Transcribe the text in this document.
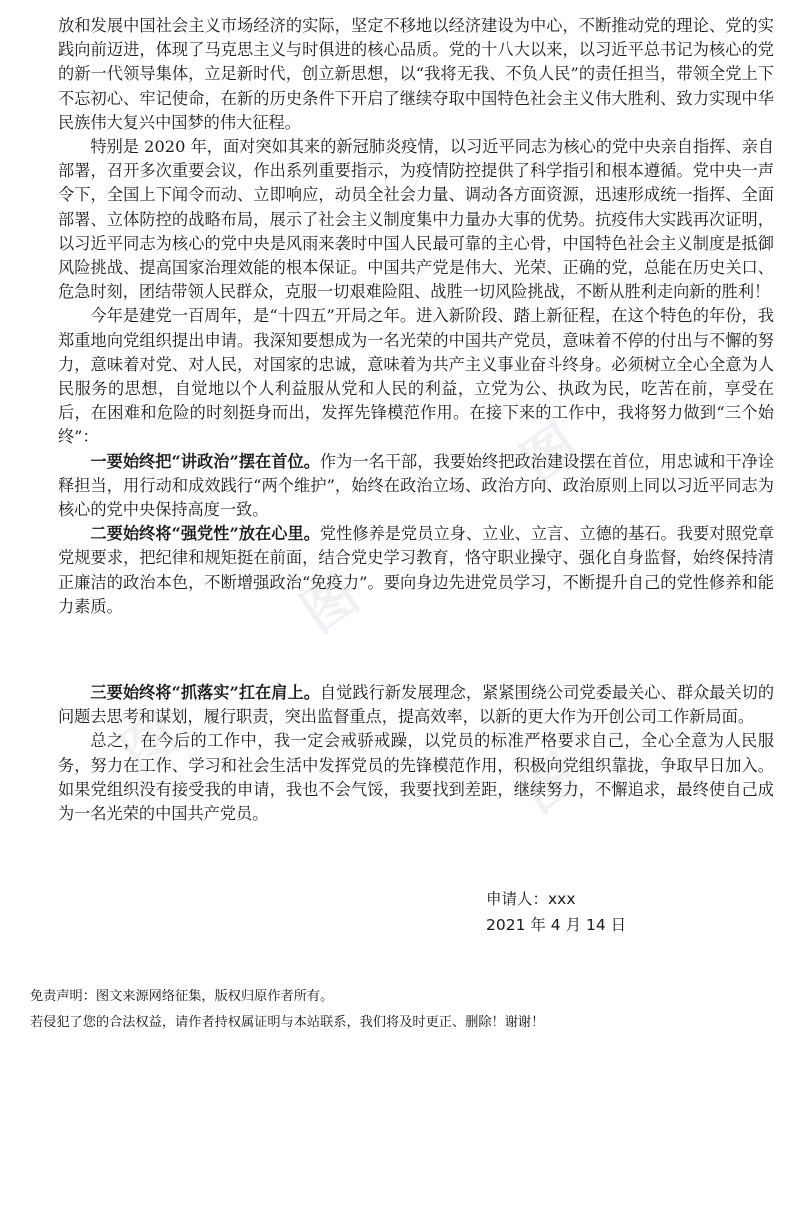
图
图
图	图

放和发展中国社会主义市场经济的实际，坚定不移地以经济建设为中心，不断推动党的理论、党的实践向前迈进，体现了马克思主义与时俱进的核心品质。党的十八大以来，以习近平总书记为核心的党的新一代领导集体，立足新时代，创立新思想，以“我将无我、不负人民”的责任担当，带领全党上下不忘初心、牢记使命，在新的历史条件下开启了继续夺取中国特色社会主义伟大胜利、致力实现中华民族伟大复兴中国梦的伟大征程。

特别是 2020 年，面对突如其来的新冠肺炎疫情，以习近平同志为核心的党中央亲自指挥、亲自部署，召开多次重要会议，作出系列重要指示，为疫情防控提供了科学指引和根本遵循。党中央一声令下，全国上下闻令而动、立即响应，动员全社会力量、调动各方面资源，迅速形成统一指挥、全面部署、立体防控的战略布局，展示了社会主义制度集中力量办大事的优势。抗疫伟大实践再次证明，以习近平同志为核心的党中央是风雨来袭时中国人民最可靠的主心骨，中国特色社会主义制度是抵御风险挑战、提高国家治理效能的根本保证。中国共产党是伟大、光荣、正确的党，总能在历史关口、危急时刻，团结带领人民群众，克服一切艰难险阻、战胜一切风险挑战，不断从胜利走向新的胜利！

今年是建党一百周年，是“十四五”开局之年。进入新阶段、踏上新征程，在这个特色的年份，我郑重地向党组织提出申请。我深知要想成为一名光荣的中国共产党员，意味着不停的付出与不懈的努力，意味着对党、对人民，对国家的忠诚，意味着为共产主义事业奋斗终身。必须树立全心全意为人民服务的思想，自觉地以个人利益服从党和人民的利益，立党为公、执政为民，吃苦在前，享受在后，在困难和危险的时刻挺身而出，发挥先锋模范作用。在接下来的工作中，我将努力做到“三个始终”：

一要始终把“讲政治”摆在首位。作为一名干部，我要始终把政治建设摆在首位，用忠诚和干净诠释担当，用行动和成效践行“两个维护”，始终在政治立场、政治方向、政治原则上同以习近平同志为核心的党中央保持高度一致。

二要始终将“强党性”放在心里。党性修养是党员立身、立业、立言、立德的基石。我要对照党章党规要求，把纪律和规矩挺在前面，结合党史学习教育，恪守职业操守、强化自身监督，始终保持清正廉洁的政治本色，不断增强政治“免疫力”。要向身边先进党员学习，不断提升自己的党性修养和能力素质。

三要始终将“抓落实”扛在肩上。自觉践行新发展理念，紧紧围绕公司党委最关心、群众最关切的问题去思考和谋划，履行职责，突出监督重点，提高效率，以新的更大作为开创公司工作新局面。

总之，在今后的工作中，我一定会戒骄戒躁，以党员的标准严格要求自己，全心全意为人民服务，努力在工作、学习和社会生活中发挥党员的先锋模范作用，积极向党组织靠拢，争取早日加入。如果党组织没有接受我的申请，我也不会气馁，我要找到差距，继续努力，不懈追求，最终使自己成为一名光荣的中国共产党员。

申请人：xxx
2021 年 4 月 14 日
免责声明：图文来源网络征集，版权归原作者所有。
若侵犯了您的合法权益，请作者持权属证明与本站联系，我们将及时更正、删除！谢谢！
